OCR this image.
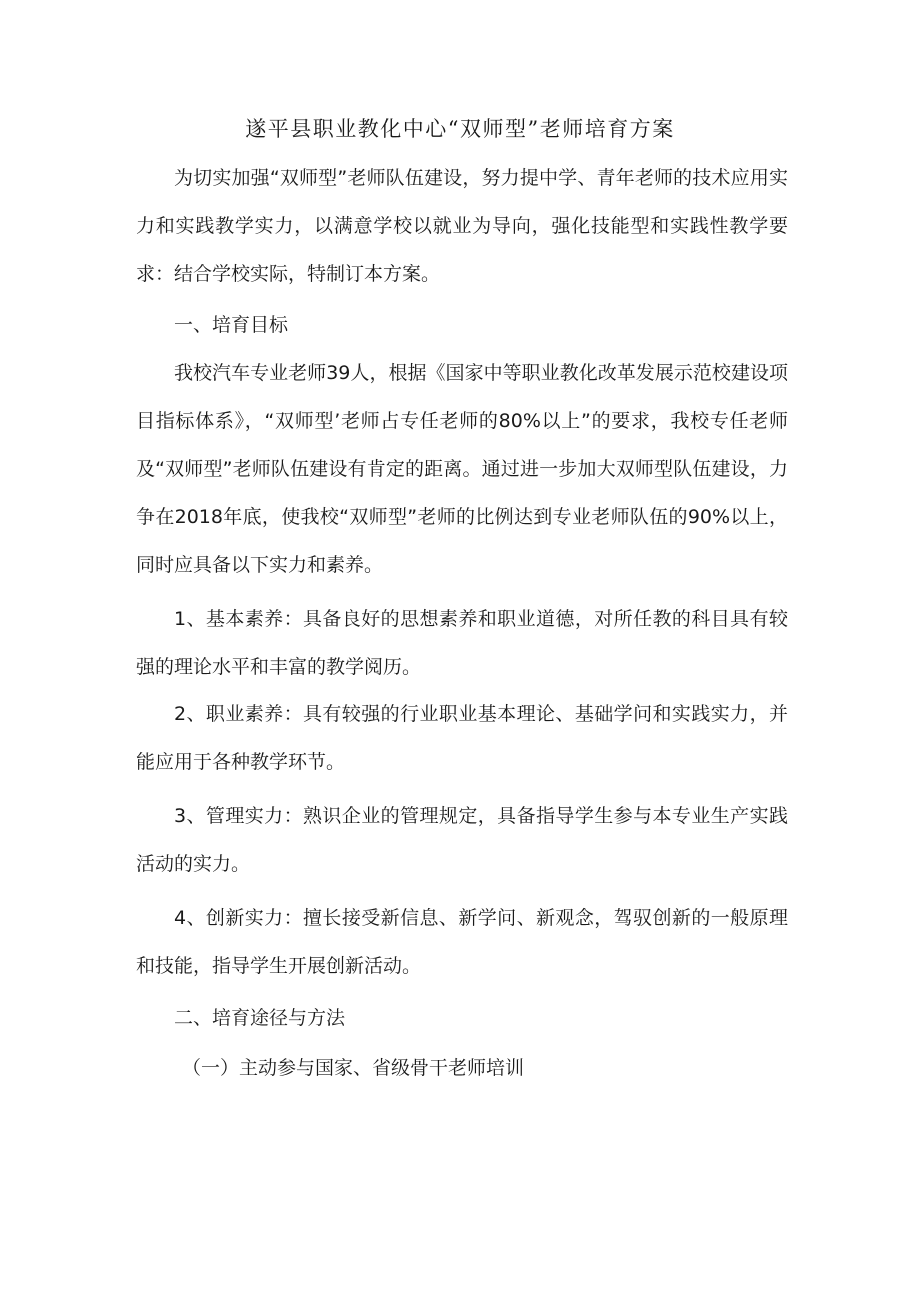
遂平县职业教化中心“双师型”老师培育方案

为切实加强“双师型”老师队伍建设，努力提中学、青年老师的技术应用实力和实践教学实力，以满意学校以就业为导向，强化技能型和实践性教学要求：结合学校实际，特制订本方案。

一、培育目标

我校汽车专业老师39人，根据《国家中等职业教化改革发展示范校建设项目指标体系》，“双师型’老师占专任老师的80%以上”的要求，我校专任老师及“双师型”老师队伍建设有肯定的距离。通过进一步加大双师型队伍建设，力争在2018年底，使我校“双师型”老师的比例达到专业老师队伍的90%以上，同时应具备以下实力和素养。

1、基本素养：具备良好的思想素养和职业道德，对所任教的科目具有较强的理论水平和丰富的教学阅历。

2、职业素养：具有较强的行业职业基本理论、基础学问和实践实力，并能应用于各种教学环节。

3、管理实力：熟识企业的管理规定，具备指导学生参与本专业生产实践活动的实力。

4、创新实力：擅长接受新信息、新学问、新观念，驾驭创新的一般原理和技能，指导学生开展创新活动。

二、培育途径与方法
（一）主动参与国家、省级骨干老师培训
